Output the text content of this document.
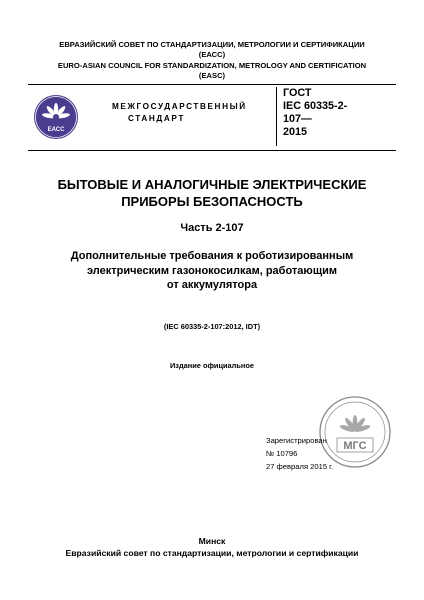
ЕВРАЗИЙСКИЙ СОВЕТ ПО СТАНДАРТИЗАЦИИ, МЕТРОЛОГИИ И СЕРТИФИКАЦИИ
(ЕАСС)
EURO-ASIAN COUNCIL FOR STANDARDIZATION, METROLOGY AND CERTIFICATION
(EASC)
ЕАСС
МЕЖГОСУДАРСТВЕННЫЙ
СТАНДАРТ
ГОСТ
IEC 60335-2-
107—
2015
БЫТОВЫЕ И АНАЛОГИЧНЫЕ ЭЛЕКТРИЧЕСКИЕ
ПРИБОРЫ БЕЗОПАСНОСТЬ
Часть 2-107
Дополнительные требования к роботизированным
электрическим газонокосилкам, работающим
от аккумулятора
(IEC 60335-2-107:2012, IDT)
Издание официальное
МГС
Зарегистрирован
№ 10796
27 февраля 2015 г.
Минск
Евразийский совет по стандартизации, метрологии и сертификации
